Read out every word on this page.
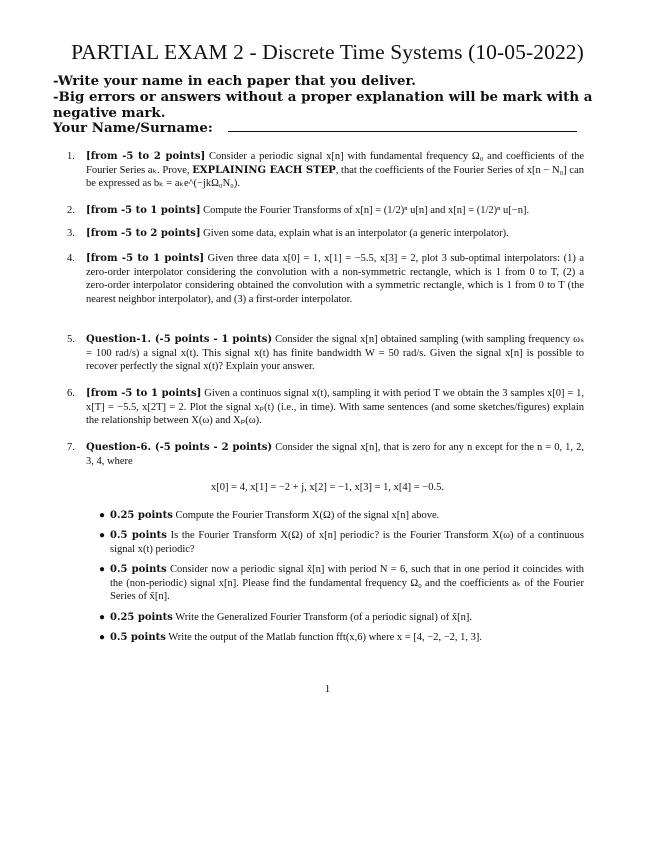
PARTIAL EXAM 2 - Discrete Time Systems (10-05-2022)
-Write your name in each paper that you deliver.
-Big errors or answers without a proper explanation will be mark with a negative mark.
Your Name/Surname:
1. [from -5 to 2 points] Consider a periodic signal x[n] with fundamental frequency Ω₀ and coefficients of the Fourier Series aₖ. Prove, EXPLAINING EACH STEP, that the coefficients of the Fourier Series of x[n − N₀] can be expressed as bₖ = aₖe^(−jkΩ₀N₀).
2. [from -5 to 1 points] Compute the Fourier Transforms of x[n] = (1/2)ⁿ u[n] and x[n] = (1/2)ⁿ u[−n].
3. [from -5 to 2 points] Given some data, explain what is an interpolator (a generic interpolator).
4. [from -5 to 1 points] Given three data x[0] = 1, x[1] = −5.5, x[3] = 2, plot 3 sub-optimal interpolators: (1) a zero-order interpolator considering the convolution with a non-symmetric rectangle, which is 1 from 0 to T, (2) a zero-order interpolator considering obtained the convolution with a symmetric rectangle, which is 1 from 0 to T (the nearest neighbor interpolator), and (3) a first-order interpolator.
5. Question-1. (-5 points - 1 points) Consider the signal x[n] obtained sampling (with sampling frequency ωₛ = 100 rad/s) a signal x(t). This signal x(t) has finite bandwidth W = 50 rad/s. Given the signal x[n] is possible to recover perfectly the signal x(t)? Explain your answer.
6. [from -5 to 1 points] Given a continuos signal x(t), sampling it with period T we obtain the 3 samples x[0] = 1, x[T] = −5.5, x[2T] = 2. Plot the signal xₚ(t) (i.e., in time). With same sentences (and some sketches/figures) explain the relationship between X(ω) and Xₚ(ω).
7. Question-6. (-5 points - 2 points) Consider the signal x[n], that is zero for any n except for the n = 0, 1, 2, 3, 4, where
x[0] = 4, x[1] = −2 + j, x[2] = −1, x[3] = 1, x[4] = −0.5.
● 0.25 points Compute the Fourier Transform X(Ω) of the signal x[n] above.
● 0.5 points Is the Fourier Transform X(Ω) of x[n] periodic? is the Fourier Transform X(ω) of a continuous signal x(t) periodic?
● 0.5 points Consider now a periodic signal x̃[n] with period N = 6, such that in one period it coincides with the (non-periodic) signal x[n]. Please find the fundamental frequency Ω₀ and the coefficients aₖ of the Fourier Series of x̃[n].
● 0.25 points Write the Generalized Fourier Transform (of a periodic signal) of x̃[n].
● 0.5 points Write the output of the Matlab function fft(x,6) where x = [4, −2, −2, 1, 3].
1
